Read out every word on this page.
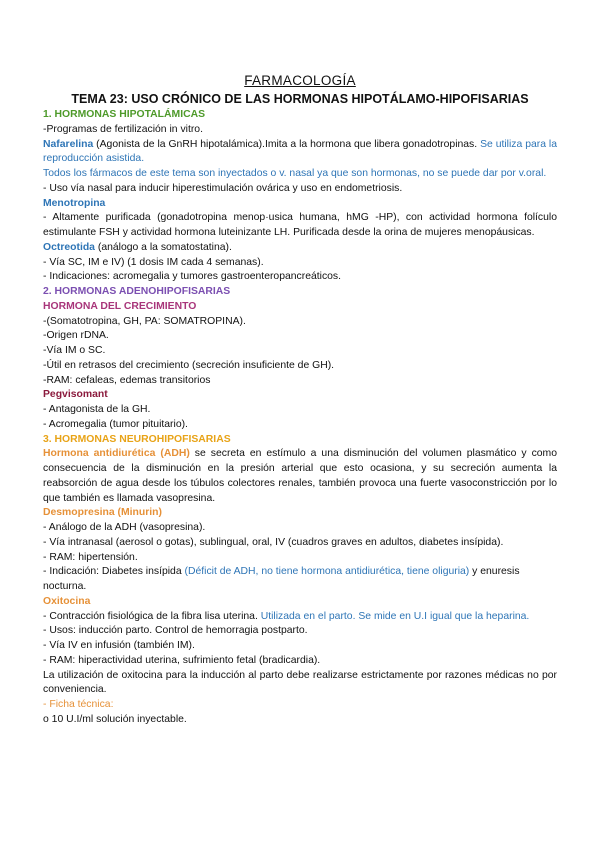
FARMACOLOGÍA

TEMA 23: USO CRÓNICO DE LAS HORMONAS HIPOTÁLAMO-HIPOFISARIAS

1. HORMONAS HIPOTALÁMICAS

-Programas de fertilización in vitro.

Nafarelina (Agonista de la GnRH hipotalámica).Imita a la hormona que libera gonadotropinas. Se utiliza para la reproducción asistida.

Todos los fármacos de este tema son inyectados o v. nasal ya que son hormonas, no se puede dar por v.oral.

- Uso vía nasal para inducir hiperestimulación ovárica y uso en endometriosis.

Menotropina

- Altamente purificada (gonadotropina menop·usica humana, hMG -HP), con actividad hormona folículo estimulante FSH y actividad hormona luteinizante LH. Purificada desde la orina de mujeres menopáusicas.

Octreotida (análogo a la somatostatina).

- Vía SC, IM e IV) (1 dosis IM cada 4 semanas).

- Indicaciones: acromegalia y tumores gastroenteropancreáticos.

2. HORMONAS ADENOHIPOFISARIAS

HORMONA DEL CRECIMIENTO

-(Somatotropina, GH, PA: SOMATROPINA).

-Origen rDNA.

-Vía IM o SC.

-Útil en retrasos del crecimiento (secreción insuficiente de GH).

-RAM: cefaleas, edemas transitorios

Pegvisomant

- Antagonista de la GH.

- Acromegalia (tumor pituitario).

3. HORMONAS NEUROHIPOFISARIAS

Hormona antidiurética (ADH) se secreta en estímulo a una disminución del volumen plasmático y como consecuencia de la disminución en la presión arterial que esto ocasiona, y su secreción aumenta la reabsorción de agua desde los túbulos colectores renales, también provoca una fuerte vasoconstricción por lo que también es llamada vasopresina.

Desmopresina (Minurin)

- Análogo de la ADH (vasopresina).

- Vía intranasal (aerosol o gotas), sublingual, oral, IV (cuadros graves en adultos, diabetes insípida).

- RAM: hipertensión.

- Indicación: Diabetes insípida (Déficit de ADH, no tiene hormona antidiurética, tiene oliguria) y enuresis nocturna.

Oxitocina

- Contracción fisiológica de la fibra lisa uterina. Utilizada en el parto. Se mide en U.I igual que la heparina.

- Usos: inducción parto. Control de hemorragia postparto.

- Vía IV en infusión (también IM).

- RAM: hiperactividad uterina, sufrimiento fetal (bradicardia).

La utilización de oxitocina para la inducción al parto debe realizarse estrictamente por razones médicas no por conveniencia.

- Ficha técnica:

o 10 U.I/ml solución inyectable.
